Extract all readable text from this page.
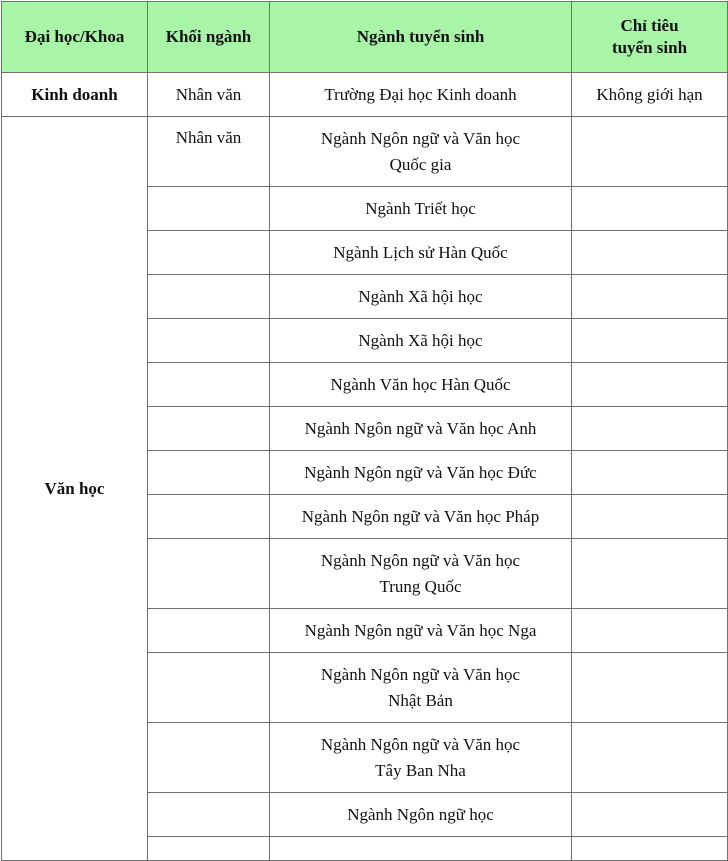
Đại học/Khoa	Khối ngành	Ngành tuyển sinh	Chỉ tiêu
tuyển sinh
Kinh doanh	Nhân văn	Trường Đại học Kinh doanh	Không giới hạn
Văn học	Nhân văn	Ngành Ngôn ngữ và Văn học
Quốc gia	
		Ngành Triết học	
		Ngành Lịch sử Hàn Quốc	
		Ngành Xã hội học	
		Ngành Xã hội học	
		Ngành Văn học Hàn Quốc	
		Ngành Ngôn ngữ và Văn học Anh	
		Ngành Ngôn ngữ và Văn học Đức	
		Ngành Ngôn ngữ và Văn học Pháp	
		Ngành Ngôn ngữ và Văn học
Trung Quốc	
		Ngành Ngôn ngữ và Văn học Nga	
		Ngành Ngôn ngữ và Văn học
Nhật Bản	
		Ngành Ngôn ngữ và Văn học
Tây Ban Nha	
		Ngành Ngôn ngữ học	
